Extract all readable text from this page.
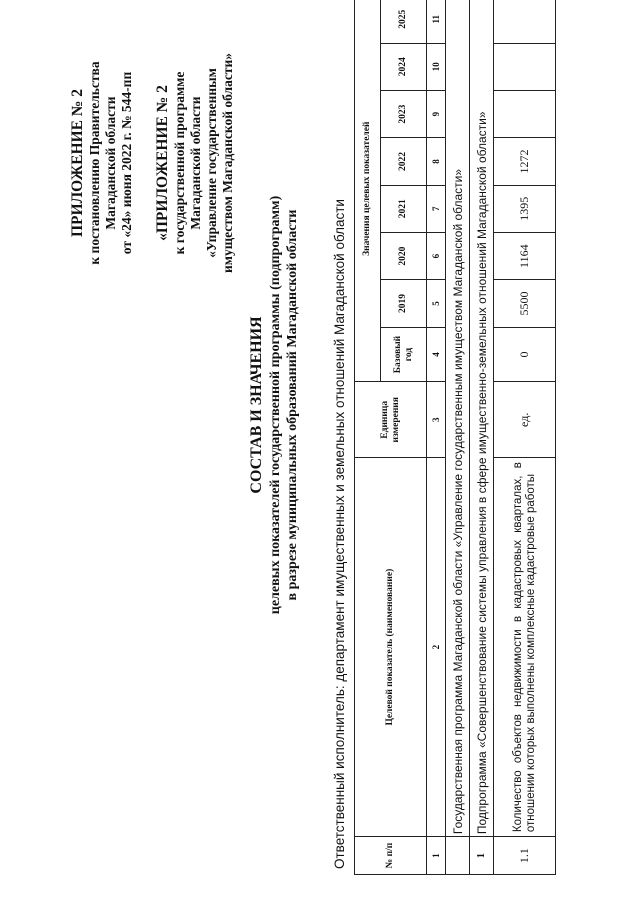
ПРИЛОЖЕНИЕ № 2 к постановлению Правительства Магаданской области от «24» июня 2022 г. № 544-пп «ПРИЛОЖЕНИЕ № 2 к государственной программе Магаданской области «Управление государственным имуществом Магаданской области»
СОСТАВ И ЗНАЧЕНИЯ целевых показателей государственной программы (подпрограмм) в разрезе муниципальных образований Магаданской области Ответственный исполнитель: департамент имущественных и земельных отношений Магаданской области	№ п/п	Целевой показатель (наименование)	Единица измерения	Значения целевых показателей							
			Базовый год	2019	2020	2021	2022	2023	2024	2025
1	2	3	4	5	6	7	8	9	10	11
	Государственная программа Магаданской области «Управление государственным имуществом Магаданской области»									
1	Подпрограмма «Совершенствование системы управления в сфере имущественно-земельных отношений Магаданской области»									
1.1	Количество объектов недвижимости в кадастровых кварталах, в отношении которых выполнены комплексные кадастровые работы	ед.	0	5500	1164	1395	1272			
